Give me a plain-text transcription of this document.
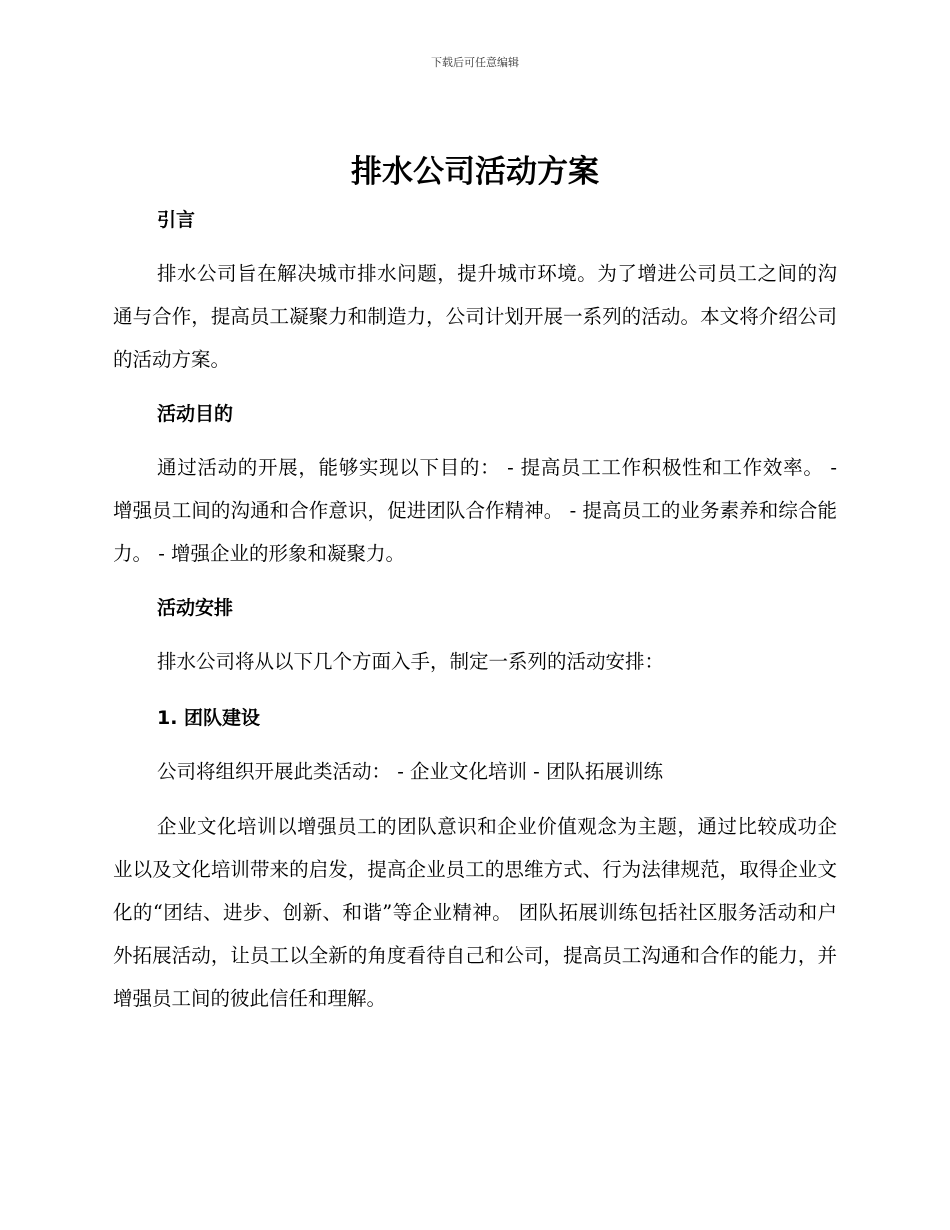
下载后可任意编辑
排水公司活动方案
引言

排水公司旨在解决城市排水问题，提升城市环境。为了增进公司员工之间的沟通与合作，提高员工凝聚力和制造力，公司计划开展一系列的活动。本文将介绍公司的活动方案。

活动目的

通过活动的开展，能够实现以下目的： - 提高员工工作积极性和工作效率。 - 增强员工间的沟通和合作意识，促进团队合作精神。 - 提高员工的业务素养和综合能力。 - 增强企业的形象和凝聚力。

活动安排

排水公司将从以下几个方面入手，制定一系列的活动安排：

1. 团队建设

公司将组织开展此类活动： - 企业文化培训 - 团队拓展训练

企业文化培训以增强员工的团队意识和企业价值观念为主题，通过比较成功企业以及文化培训带来的启发，提高企业员工的思维方式、行为法律规范，取得企业文化的“团结、进步、创新、和谐”等企业精神。 团队拓展训练包括社区服务活动和户外拓展活动，让员工以全新的角度看待自己和公司，提高员工沟通和合作的能力，并增强员工间的彼此信任和理解。
